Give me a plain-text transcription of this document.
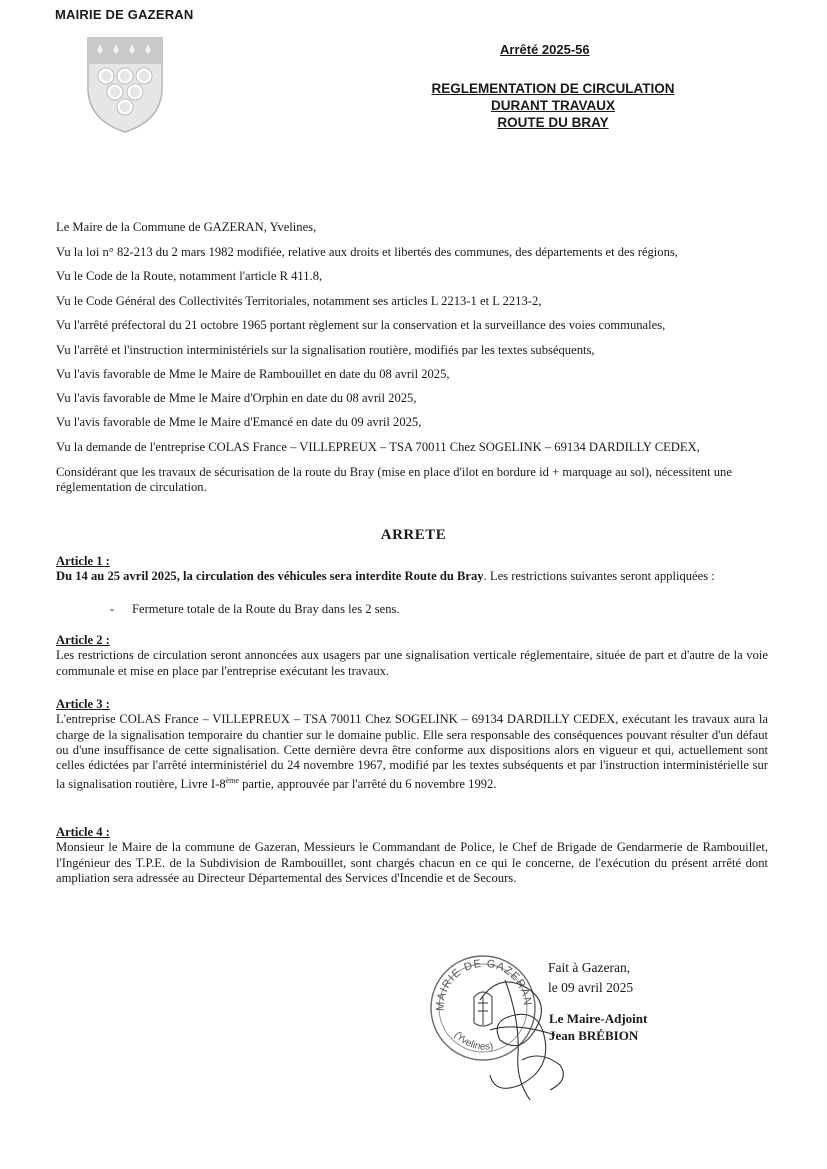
MAIRIE DE GAZERAN
Arrêté 2025-56
REGLEMENTATION DE CIRCULATION
DURANT TRAVAUX
ROUTE DU BRAY
Le Maire de la Commune de GAZERAN, Yvelines,
Vu la loi n° 82-213 du 2 mars 1982 modifiée, relative aux droits et libertés des communes, des départements et des régions,
Vu le Code de la Route, notamment l'article R 411.8,
Vu le Code Général des Collectivités Territoriales, notamment ses articles L 2213-1 et L 2213-2,
Vu l'arrêté préfectoral du 21 octobre 1965 portant règlement sur la conservation et la surveillance des voies communales,
Vu l'arrêté et l'instruction interministériels sur la signalisation routière, modifiés par les textes subséquents,
Vu l'avis favorable de Mme le Maire de Rambouillet en date du 08 avril 2025,
Vu l'avis favorable de Mme le Maire d'Orphin en date du 08 avril 2025,
Vu l'avis favorable de Mme le Maire d'Emancé en date du 09 avril 2025,
Vu la demande de l'entreprise COLAS France – VILLEPREUX – TSA 70011 Chez SOGELINK – 69134 DARDILLY CEDEX,
Considérant que les travaux de sécurisation de la route du Bray (mise en place d'ilot en bordure id + marquage au sol), nécessitent une réglementation de circulation.
ARRETE
Article 1 :
Du 14 au 25 avril 2025, la circulation des véhicules sera interdite Route du Bray. Les restrictions suivantes seront appliquées :
- Fermeture totale de la Route du Bray dans les 2 sens.
Article 2 :
Les restrictions de circulation seront annoncées aux usagers par une signalisation verticale réglementaire, située de part et d'autre de la voie communale et mise en place par l'entreprise exécutant les travaux.
Article 3 :
L'entreprise COLAS France – VILLEPREUX – TSA 70011 Chez SOGELINK – 69134 DARDILLY CEDEX, exécutant les travaux aura la charge de la signalisation temporaire du chantier sur le domaine public. Elle sera responsable des conséquences pouvant résulter d'un défaut ou d'une insuffisance de cette signalisation. Cette dernière devra être conforme aux dispositions alors en vigueur et qui, actuellement sont celles édictées par l'arrêté interministériel du 24 novembre 1967, modifié par les textes subséquents et par l'instruction interministérielle sur la signalisation routière, Livre I-8ème partie, approuvée par l'arrêté du 6 novembre 1992.
Article 4 :
Monsieur le Maire de la commune de Gazeran, Messieurs le Commandant de Police, le Chef de Brigade de Gendarmerie de Rambouillet, l'Ingénieur des T.P.E. de la Subdivision de Rambouillet, sont chargés chacun en ce qui le concerne, de l'exécution du présent arrêté dont ampliation sera adressée au Directeur Départemental des Services d'Incendie et de Secours.
MAIRIE DE GAZERAN
(Yvelines)
Fait à Gazeran,
le 09 avril 2025
Le Maire-Adjoint
Jean BRÉBION
